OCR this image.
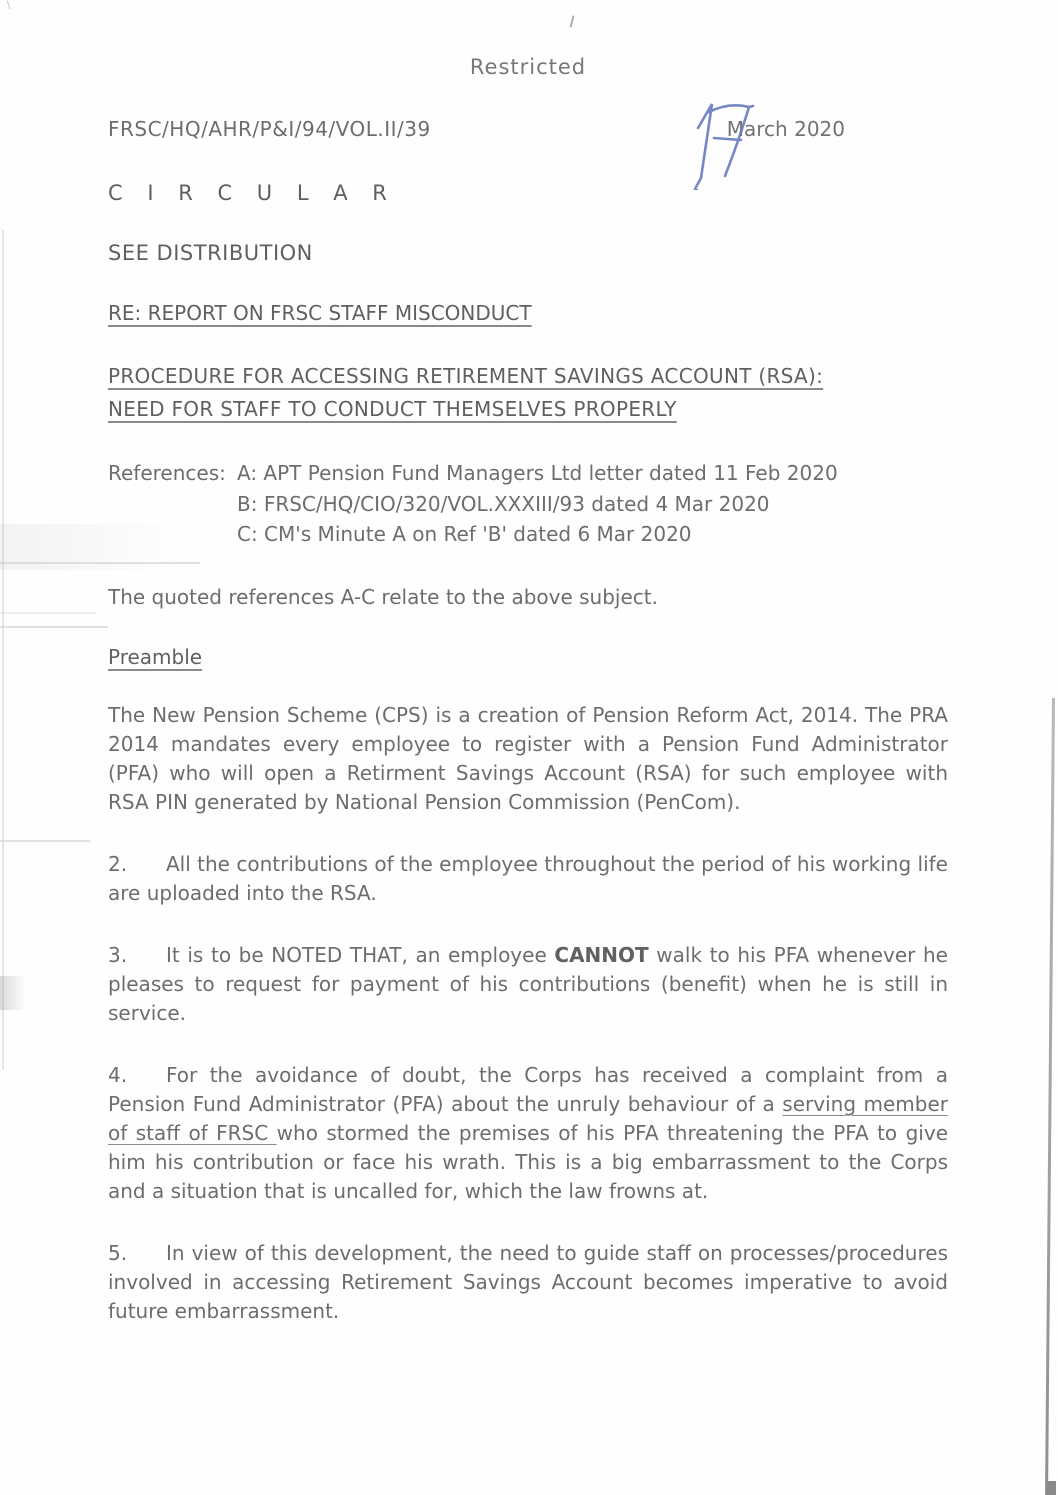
Restricted
FRSC/HQ/AHR/P&I/94/VOL.II/39	March 2020
C I R C U L A R
SEE DISTRIBUTION
RE: REPORT ON FRSC STAFF MISCONDUCT
PROCEDURE FOR ACCESSING RETIREMENT SAVINGS ACCOUNT (RSA):
NEED FOR STAFF TO CONDUCT THEMSELVES PROPERLY
References: A: APT Pension Fund Managers Ltd letter dated 11 Feb 2020
B: FRSC/HQ/CIO/320/VOL.XXXIII/93 dated 4 Mar 2020
C: CM's Minute A on Ref 'B' dated 6 Mar 2020
The quoted references A-C relate to the above subject.
Preamble
The New Pension Scheme (CPS) is a creation of Pension Reform Act, 2014. The PRA 2014 mandates every employee to register with a Pension Fund Administrator (PFA) who will open a Retirment Savings Account (RSA) for such employee with RSA PIN generated by National Pension Commission (PenCom).
2. All the contributions of the employee throughout the period of his working life are uploaded into the RSA.
3. It is to be NOTED THAT, an employee CANNOT walk to his PFA whenever he pleases to request for payment of his contributions (benefit) when he is still in service.
4. For the avoidance of doubt, the Corps has received a complaint from a Pension Fund Administrator (PFA) about the unruly behaviour of a serving member of staff of FRSC who stormed the premises of his PFA threatening the PFA to give him his contribution or face his wrath. This is a big embarrassment to the Corps and a situation that is uncalled for, which the law frowns at.
5. In view of this development, the need to guide staff on processes/procedures involved in accessing Retirement Savings Account becomes imperative to avoid future embarrassment.
